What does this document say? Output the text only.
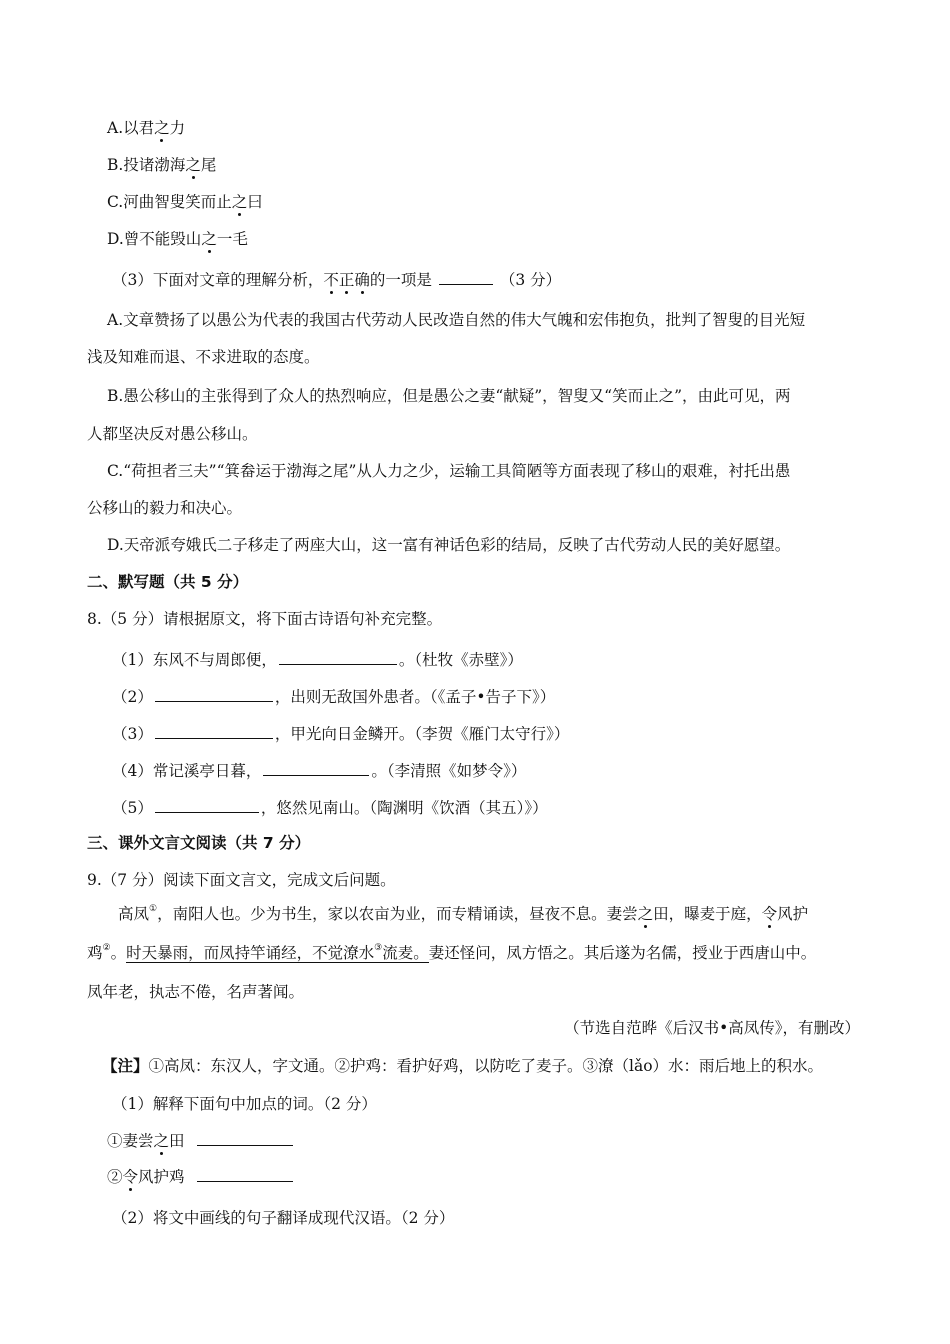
A.以君之力
B.投诸渤海之尾
C.河曲智叟笑而止之曰
D.曾不能毁山之一毛
（3）下面对文章的理解分析，不正确的一项是	（3 分）
A.文章赞扬了以愚公为代表的我国古代劳动人民改造自然的伟大气魄和宏伟抱负，批判了智叟的目光短
浅及知难而退、不求进取的态度。
B.愚公移山的主张得到了众人的热烈响应，但是愚公之妻“献疑”，智叟又“笑而止之”，由此可见，两
人都坚决反对愚公移山。
C.“荷担者三夫”“箕畚运于渤海之尾”从人力之少，运输工具简陋等方面表现了移山的艰难，衬托出愚
公移山的毅力和决心。
D.天帝派夸娥氏二子移走了两座大山，这一富有神话色彩的结局，反映了古代劳动人民的美好愿望。
二、默写题（共 5 分）
8.（5 分）请根据原文，将下面古诗语句补充完整。
（1）东风不与周郎便，	。（杜牧《赤壁》）
（2）	，出则无敌国外患者。（《孟子•告子下》）
（3）	，甲光向日金鳞开。（李贺《雁门太守行》）
（4）常记溪亭日暮，	。（李清照《如梦令》）
（5）	，悠然见南山。（陶渊明《饮酒（其五）》）
三、课外文言文阅读（共 7 分）
9.（7 分）阅读下面文言文，完成文后问题。
高凤①，南阳人也。少为书生，家以农亩为业，而专精诵读，昼夜不息。妻尝之田，曝麦于庭，令风护
鸡②。时天暴雨，而凤持竿诵经，不觉潦水③流麦。妻还怪问，凤方悟之。其后遂为名儒，授业于西唐山中。
凤年老，执志不倦，名声著闻。
（节选自范晔《后汉书•高凤传》，有删改）
【注】①高凤：东汉人，字文通。②护鸡：看护好鸡，以防吃了麦子。③潦（lǎo）水：雨后地上的积水。
（1）解释下面句中加点的词。（2 分）
①妻尝之田
②令风护鸡
（2）将文中画线的句子翻译成现代汉语。（2 分）
